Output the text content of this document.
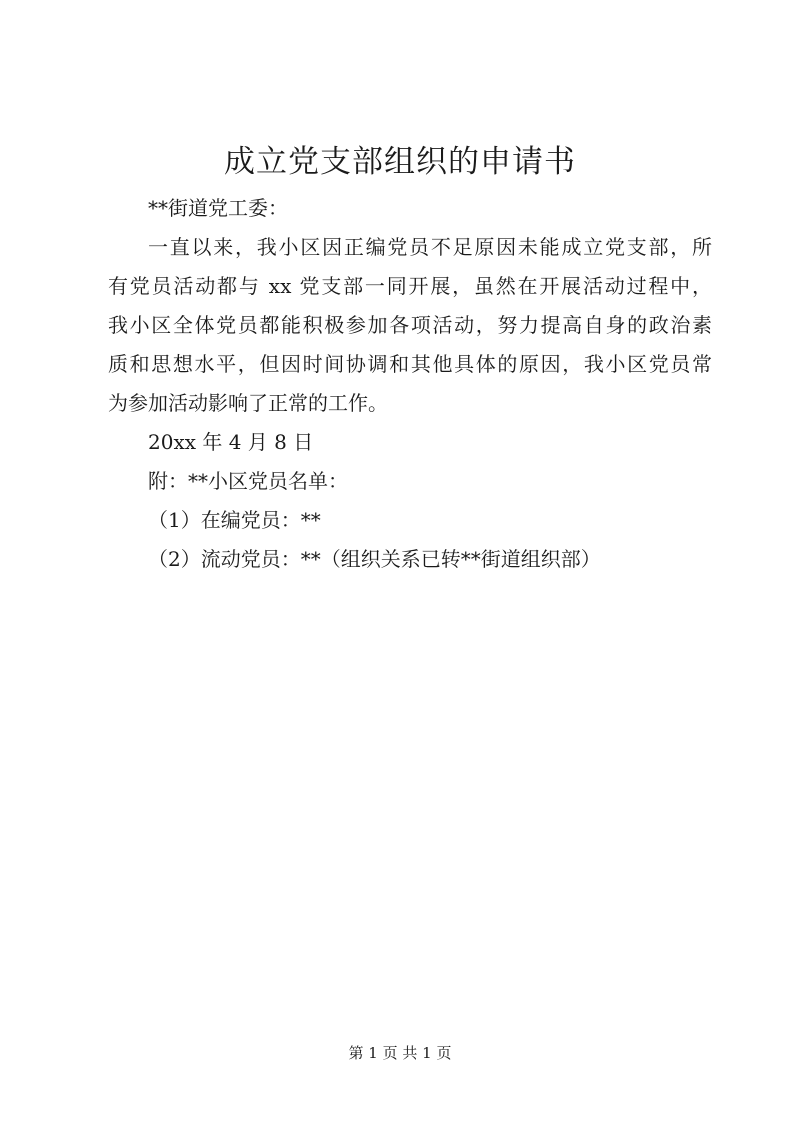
成立党支部组织的申请书

**街道党工委：

一直以来，我小区因正编党员不足原因未能成立党支部，所

有党员活动都与 xx 党支部一同开展，虽然在开展活动过程中，

我小区全体党员都能积极参加各项活动，努力提高自身的政治素

质和思想水平，但因时间协调和其他具体的原因，我小区党员常

为参加活动影响了正常的工作。

20xx 年 4 月 8 日

附：**小区党员名单：

（1）在编党员：**

（2）流动党员：**（组织关系已转**街道组织部）

第 1 页 共 1 页
